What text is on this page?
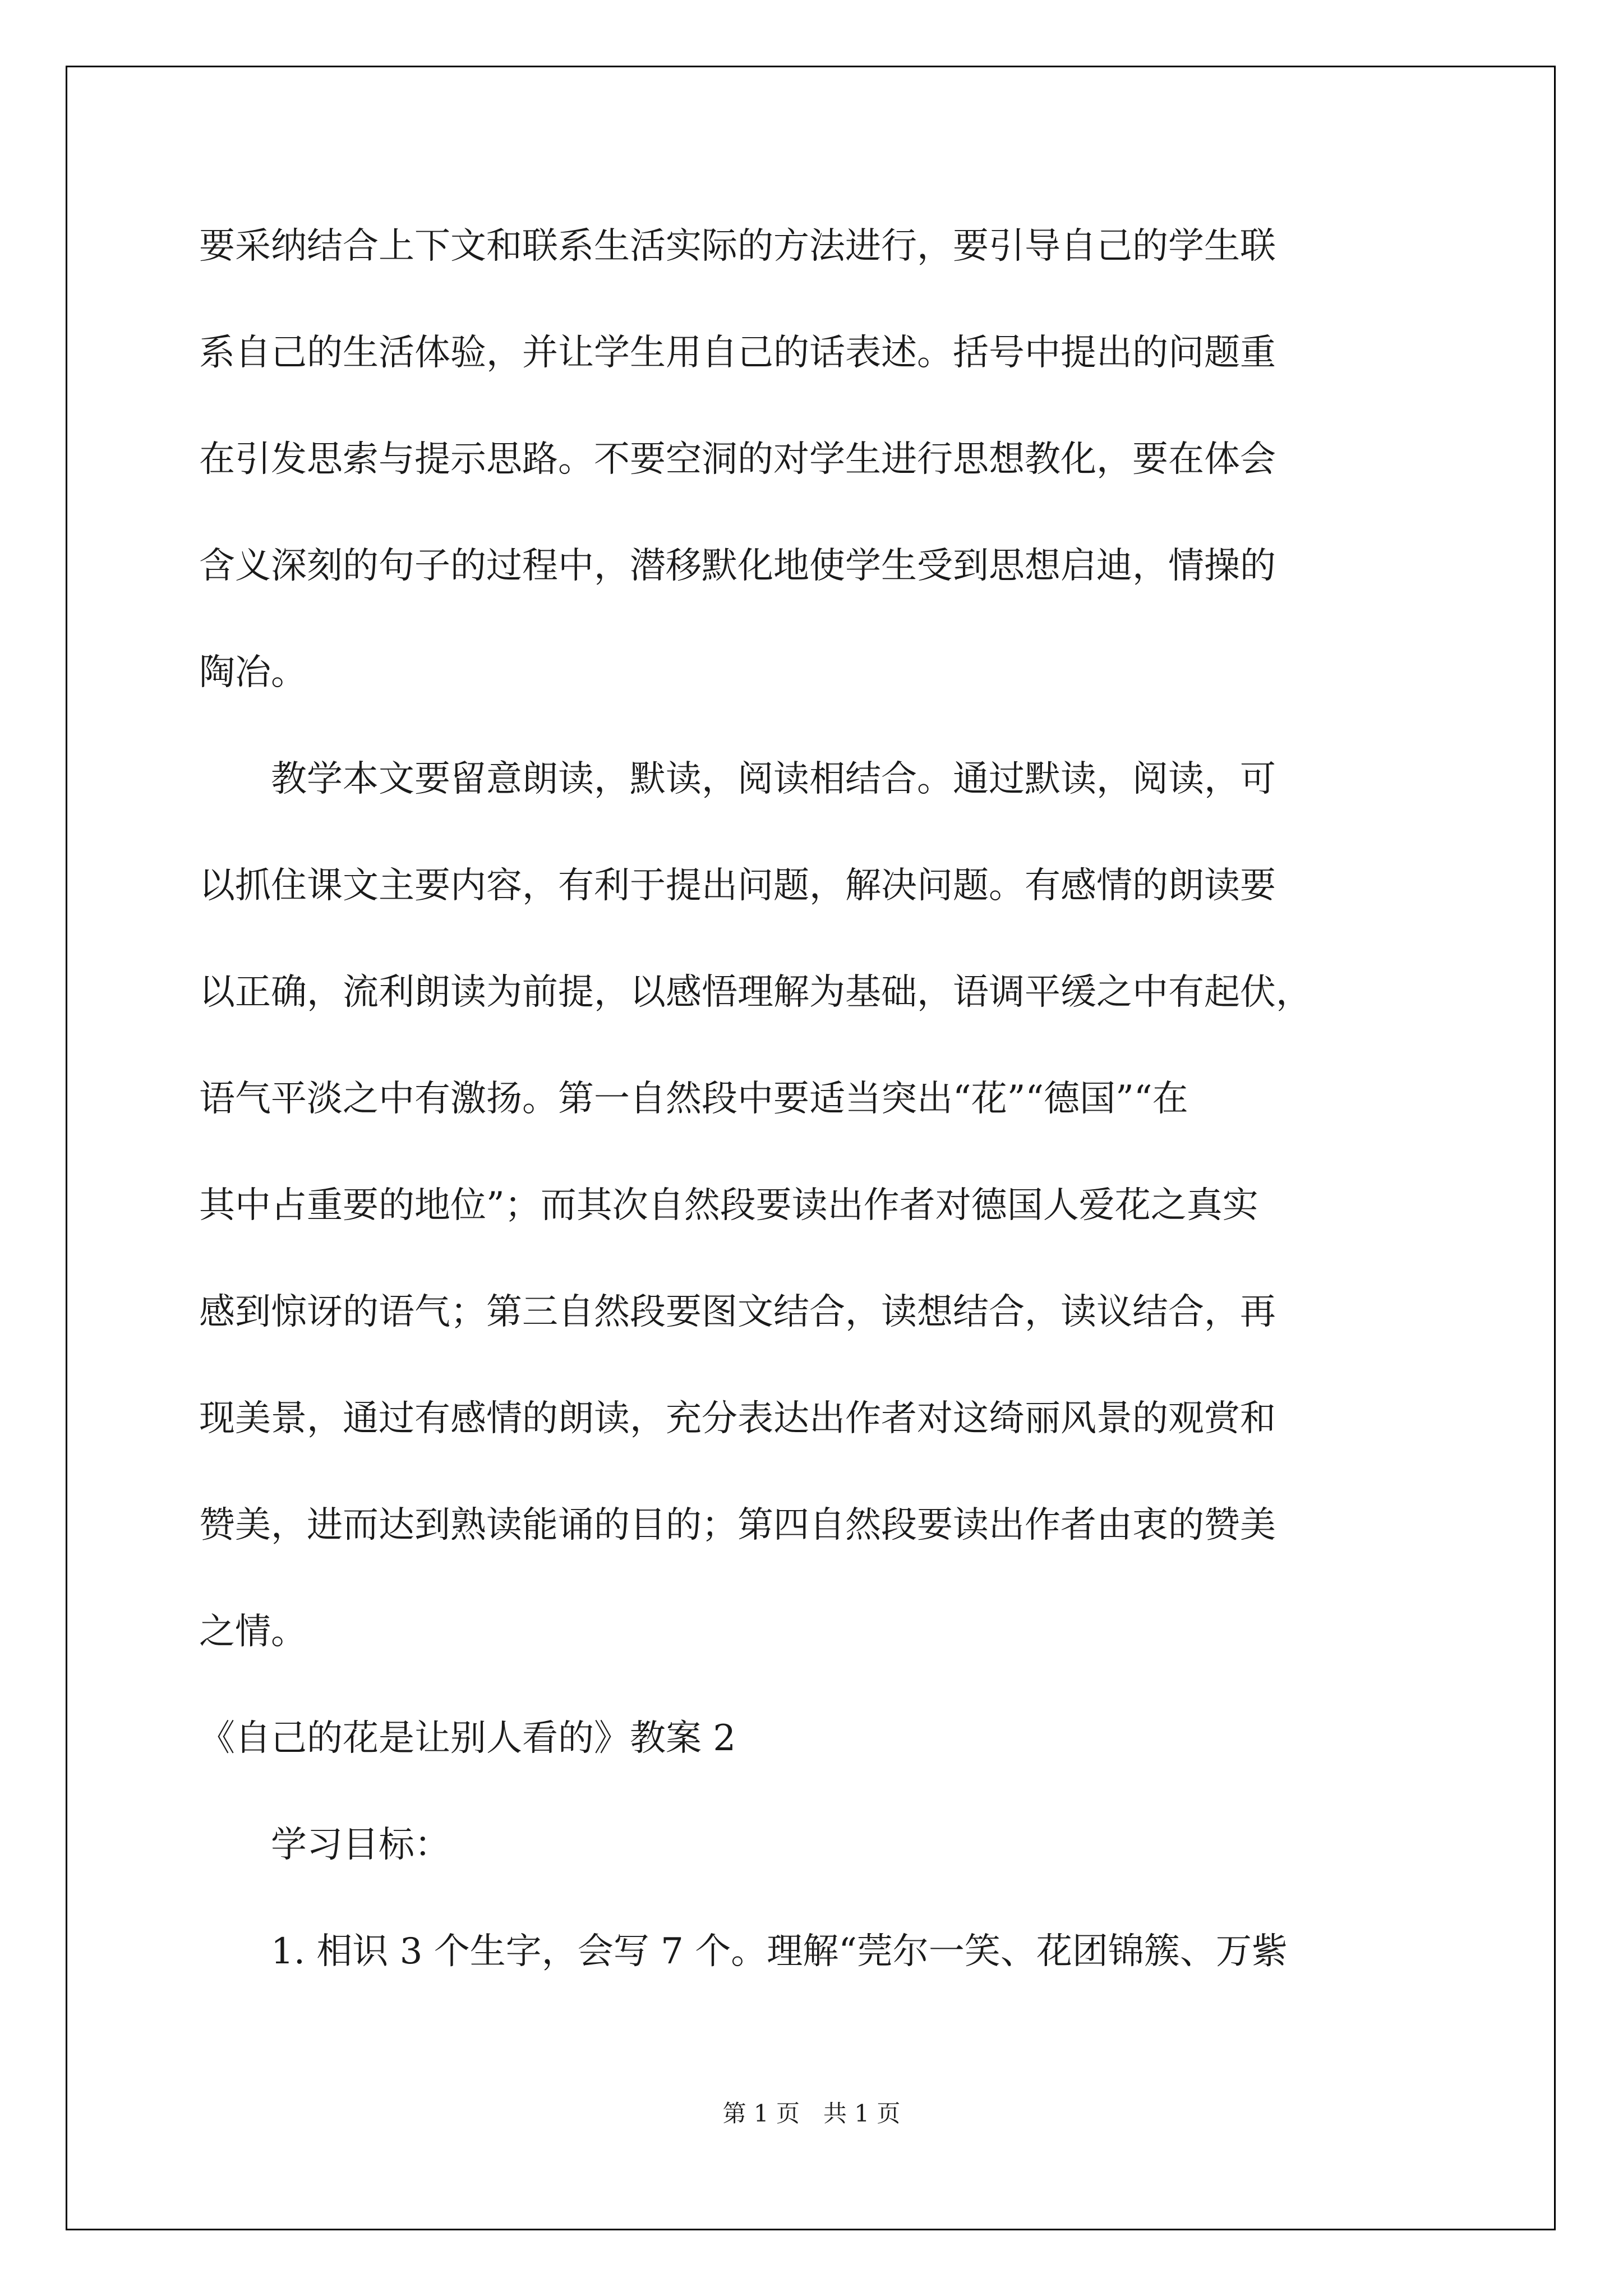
要采纳结合上下文和联系生活实际的方法进行，要引导自己的学生联
系自己的生活体验，并让学生用自己的话表述。括号中提出的问题重
在引发思索与提示思路。不要空洞的对学生进行思想教化，要在体会
含义深刻的句子的过程中，潜移默化地使学生受到思想启迪，情操的
陶冶。
　　教学本文要留意朗读，默读，阅读相结合。通过默读，阅读，可
以抓住课文主要内容，有利于提出问题，解决问题。有感情的朗读要
以正确，流利朗读为前提，以感悟理解为基础，语调平缓之中有起伏，
语气平淡之中有激扬。第一自然段中要适当突出“花”“德国”“在
其中占重要的地位”；而其次自然段要读出作者对德国人爱花之真实
感到惊讶的语气；第三自然段要图文结合，读想结合，读议结合，再
现美景，通过有感情的朗读，充分表达出作者对这绮丽风景的观赏和
赞美，进而达到熟读能诵的目的；第四自然段要读出作者由衷的赞美
之情。
《自己的花是让别人看的》教案 2
　　学习目标：
　　1. 相识 3 个生字，会写 7 个。理解“莞尔一笑、花团锦簇、万紫
第 1 页　共 1 页
